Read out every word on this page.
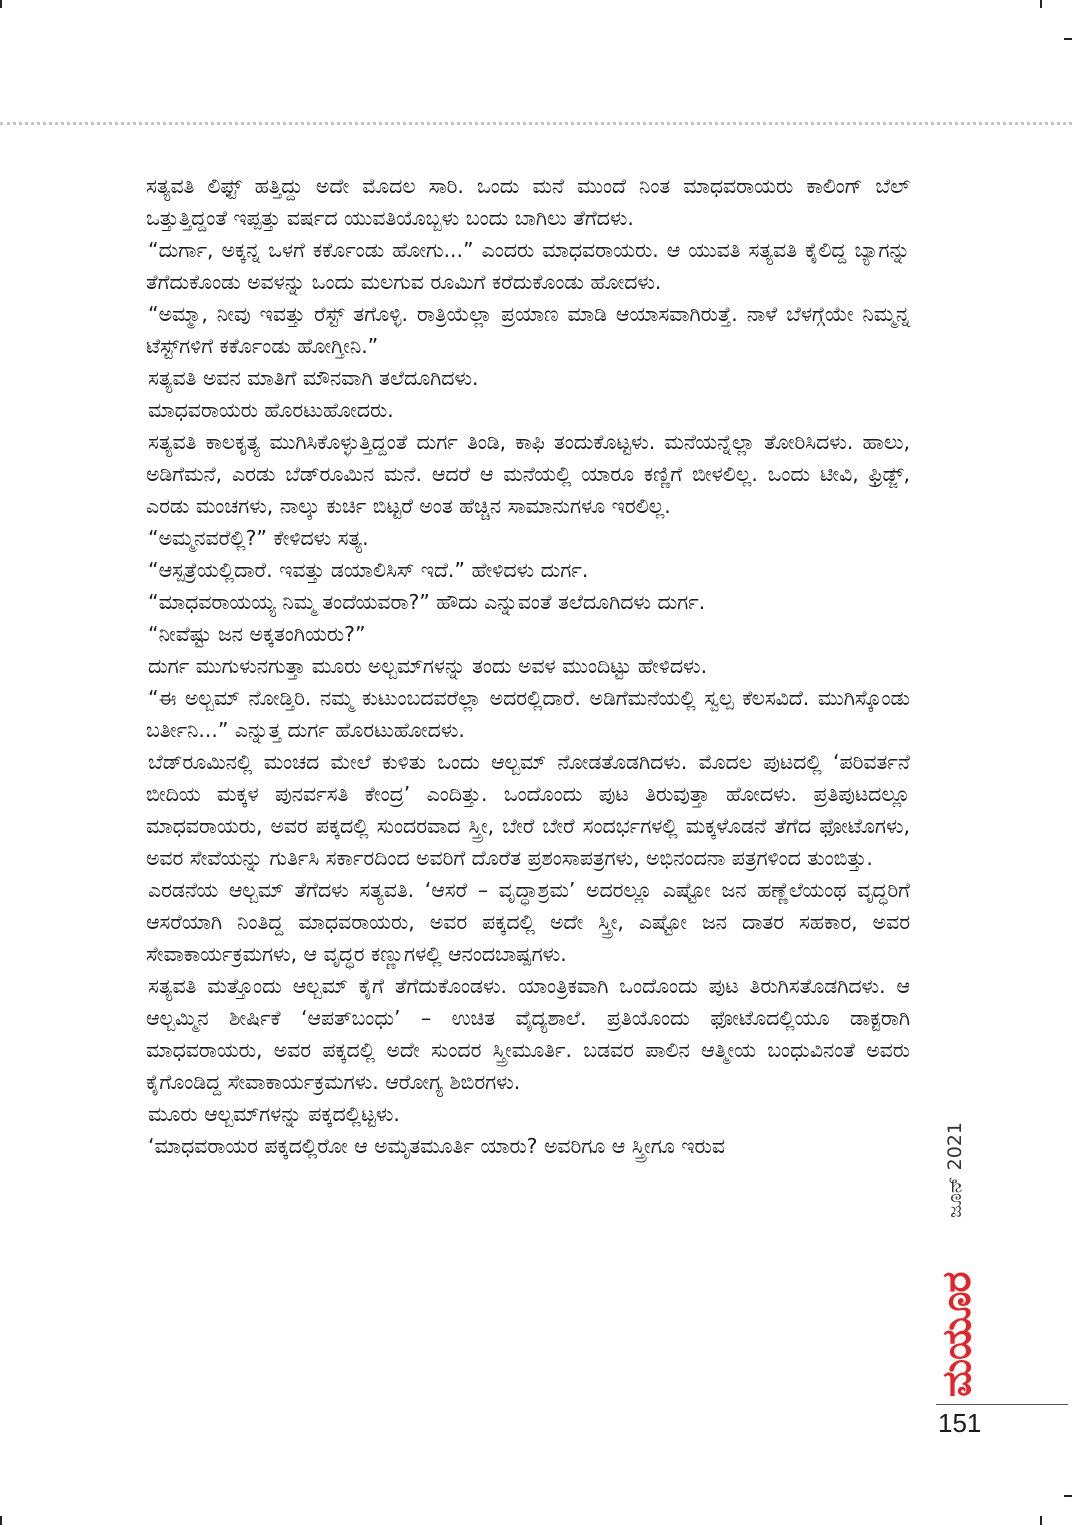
ಸತ್ಯವತಿ ಲಿಫ್ಟ್ ಹತ್ತಿದ್ದು ಅದೇ ಮೊದಲ ಸಾರಿ. ಒಂದು ಮನೆ ಮುಂದೆ ನಿಂತ ಮಾಧವರಾಯರು ಕಾಲಿಂಗ್ ಬೆಲ್ ಒತ್ತುತ್ತಿದ್ದಂತೆ ಇಪ್ಪತ್ತು ವರ್ಷದ ಯುವತಿಯೊಬ್ಬಳು ಬಂದು ಬಾಗಿಲು ತೆಗೆದಳು.

“ದುರ್ಗಾ, ಅಕ್ಕನ್ನ ಒಳಗೆ ಕರ್ಕೊಂಡು ಹೋಗು...” ಎಂದರು ಮಾಧವರಾಯರು. ಆ ಯುವತಿ ಸತ್ಯವತಿ ಕೈಲಿದ್ದ ಬ್ಯಾಗನ್ನು ತೆಗೆದುಕೊಂಡು ಅವಳನ್ನು ಒಂದು ಮಲಗುವ ರೂಮಿಗೆ ಕರೆದುಕೊಂಡು ಹೋದಳು.

“ಅಮ್ಮಾ, ನೀವು ಇವತ್ತು ರೆಸ್ಟ್ ತಗೊಳ್ಳಿ. ರಾತ್ರಿಯೆಲ್ಲಾ ಪ್ರಯಾಣ ಮಾಡಿ ಆಯಾಸವಾಗಿರುತ್ತೆ. ನಾಳೆ ಬೆಳಗ್ಗೆಯೇ ನಿಮ್ಮನ್ನ ಟೆಸ್ಟ್‌ಗಳಿಗೆ ಕರ್ಕೊಂಡು ಹೋಗ್ತೀನಿ.”

ಸತ್ಯವತಿ ಅವನ ಮಾತಿಗೆ ಮೌನವಾಗಿ ತಲೆದೂಗಿದಳು.

ಮಾಧವರಾಯರು ಹೊರಟುಹೋದರು.

ಸತ್ಯವತಿ ಕಾಲಕೃತ್ಯ ಮುಗಿಸಿಕೊಳ್ಳುತ್ತಿದ್ದಂತೆ ದುರ್ಗ ತಿಂಡಿ, ಕಾಫಿ ತಂದುಕೊಟ್ಟಳು. ಮನೆಯನ್ನೆಲ್ಲಾ ತೋರಿಸಿದಳು. ಹಾಲು, ಅಡಿಗೆಮನೆ, ಎರಡು ಬೆಡ್‌ರೂಮಿನ ಮನೆ. ಆದರೆ ಆ ಮನೆಯಲ್ಲಿ ಯಾರೂ ಕಣ್ಣಿಗೆ ಬೀಳಲಿಲ್ಲ. ಒಂದು ಟೀವಿ, ಫ್ರಿಡ್ಜ್, ಎರಡು ಮಂಚಗಳು, ನಾಲ್ಕು ಕುರ್ಚಿ ಬಿಟ್ಟರೆ ಅಂತ ಹೆಚ್ಚಿನ ಸಾಮಾನುಗಳೂ ಇರಲಿಲ್ಲ.

“ಅಮ್ಮನವರೆಲ್ಲಿ?” ಕೇಳಿದಳು ಸತ್ಯ.

“ಆಸ್ಪತ್ರೆಯಲ್ಲಿದಾರೆ. ಇವತ್ತು ಡಯಾಲಿಸಿಸ್ ಇದೆ.” ಹೇಳಿದಳು ದುರ್ಗ.

“ಮಾಧವರಾಯಯ್ಯ ನಿಮ್ಮ ತಂದೆಯವರಾ?” ಹೌದು ಎನ್ನುವಂತೆ ತಲೆದೂಗಿದಳು ದುರ್ಗ.

“ನೀವೆಷ್ಟು ಜನ ಅಕ್ಕತಂಗಿಯರು?”

ದುರ್ಗ ಮುಗುಳುನಗುತ್ತಾ ಮೂರು ಅಲ್ಬಮ್‌ಗಳನ್ನು ತಂದು ಅವಳ ಮುಂದಿಟ್ಟು ಹೇಳಿದಳು.

“ಈ ಅಲ್ಬಮ್ ನೋಡ್ತಿರಿ. ನಮ್ಮ ಕುಟುಂಬದವರೆಲ್ಲಾ ಅದರಲ್ಲಿದಾರೆ. ಅಡಿಗೆಮನೆಯಲ್ಲಿ ಸ್ವಲ್ಪ ಕೆಲಸವಿದೆ. ಮುಗಿಸ್ಕೊಂಡು ಬರ್ತೀನಿ...” ಎನ್ನುತ್ತ ದುರ್ಗ ಹೊರಟುಹೋದಳು.

ಬೆಡ್‌ರೂಮಿನಲ್ಲಿ ಮಂಚದ ಮೇಲೆ ಕುಳಿತು ಒಂದು ಆಲ್ಬಮ್ ನೋಡತೊಡಗಿದಳು. ಮೊದಲ ಪುಟದಲ್ಲಿ ‘ಪರಿವರ್ತನೆ ಬೀದಿಯ ಮಕ್ಕಳ ಪುನರ್ವಸತಿ ಕೇಂದ್ರ’ ಎಂದಿತ್ತು. ಒಂದೊಂದು ಪುಟ ತಿರುವುತ್ತಾ ಹೋದಳು. ಪ್ರತಿಪುಟದಲ್ಲೂ ಮಾಧವರಾಯರು, ಅವರ ಪಕ್ಕದಲ್ಲಿ ಸುಂದರವಾದ ಸ್ತ್ರೀ, ಬೇರೆ ಬೇರೆ ಸಂದರ್ಭಗಳಲ್ಲಿ ಮಕ್ಕಳೊಡನೆ ತೆಗೆದ ಫೋಟೊಗಳು, ಅವರ ಸೇವೆಯನ್ನು ಗುರ್ತಿಸಿ ಸರ್ಕಾರದಿಂದ ಅವರಿಗೆ ದೊರೆತ ಪ್ರಶಂಸಾಪತ್ರಗಳು, ಅಭಿನಂದನಾ ಪತ್ರಗಳಿಂದ ತುಂಬಿತ್ತು.

ಎರಡನೆಯ ಆಲ್ಬಮ್ ತೆಗೆದಳು ಸತ್ಯವತಿ. ‘ಆಸರೆ – ವೃದ್ಧಾಶ್ರಮ’ ಅದರಲ್ಲೂ ಎಷ್ಟೋ ಜನ ಹಣ್ಣೆಲೆಯಂಥ ವೃದ್ಧರಿಗೆ ಆಸರೆಯಾಗಿ ನಿಂತಿದ್ದ ಮಾಧವರಾಯರು, ಅವರ ಪಕ್ಕದಲ್ಲಿ ಅದೇ ಸ್ತ್ರೀ, ಎಷ್ಟೋ ಜನ ದಾತರ ಸಹಕಾರ, ಅವರ ಸೇವಾಕಾರ್ಯಕ್ರಮಗಳು, ಆ ವೃದ್ಧರ ಕಣ್ಣುಗಳಲ್ಲಿ ಆನಂದಬಾಷ್ಪಗಳು.

ಸತ್ಯವತಿ ಮತ್ತೊಂದು ಆಲ್ಬಮ್ ಕೈಗೆ ತೆಗೆದುಕೊಂಡಳು. ಯಾಂತ್ರಿಕವಾಗಿ ಒಂದೊಂದು ಪುಟ ತಿರುಗಿಸತೊಡಗಿದಳು. ಆ ಆಲ್ಬಮ್ಮಿನ ಶೀರ್ಷಿಕೆ ‘ಆಪತ್‌ಬಂಧು’ – ಉಚಿತ ವೈದ್ಯಶಾಲೆ. ಪ್ರತಿಯೊಂದು ಫೋಟೊದಲ್ಲಿಯೂ ಡಾಕ್ಟರಾಗಿ ಮಾಧವರಾಯರು, ಅವರ ಪಕ್ಕದಲ್ಲಿ ಅದೇ ಸುಂದರ ಸ್ತ್ರೀಮೂರ್ತಿ. ಬಡವರ ಪಾಲಿನ ಆತ್ಮೀಯ ಬಂಧುವಿನಂತೆ ಅವರು ಕೈಗೊಂಡಿದ್ದ ಸೇವಾಕಾರ್ಯಕ್ರಮಗಳು. ಆರೋಗ್ಯ ಶಿಬಿರಗಳು.

ಮೂರು ಆಲ್ಬಮ್‌ಗಳನ್ನು ಪಕ್ಕದಲ್ಲಿಟ್ಟಳು.

‘ಮಾಧವರಾಯರ ಪಕ್ಕದಲ್ಲಿರೋ ಆ ಅಮೃತಮೂರ್ತಿ ಯಾರು? ಅವರಿಗೂ ಆ ಸ್ತ್ರೀಗೂ ಇರುವ	ಜೂನ್ 2021
ಮಯೂರ
151
